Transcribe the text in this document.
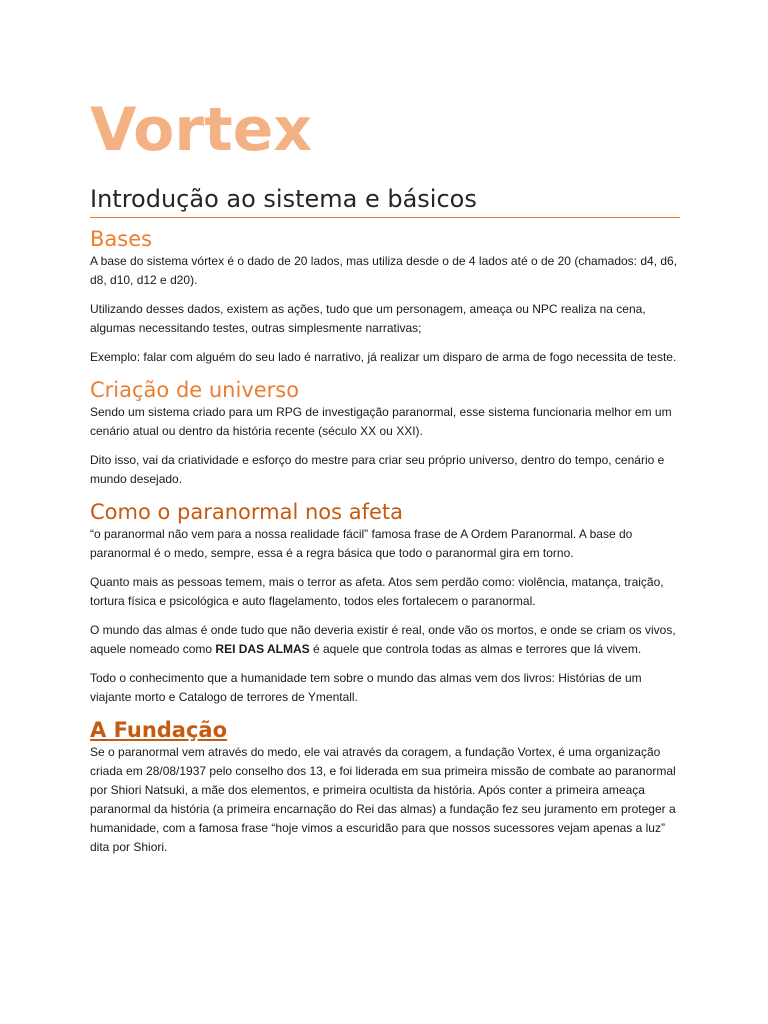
Vortex
Introdução ao sistema e básicos
Bases

A base do sistema vórtex é o dado de 20 lados, mas utiliza desde o de 4 lados até o de 20 (chamados: d4, d6, d8, d10, d12 e d20).

Utilizando desses dados, existem as ações, tudo que um personagem, ameaça ou NPC realiza na cena, algumas necessitando testes, outras simplesmente narrativas;

Exemplo: falar com alguém do seu lado é narrativo, já realizar um disparo de arma de fogo necessita de teste.

Criação de universo

Sendo um sistema criado para um RPG de investigação paranormal, esse sistema funcionaria melhor em um cenário atual ou dentro da história recente (século XX ou XXI).

Dito isso, vai da criatividade e esforço do mestre para criar seu próprio universo, dentro do tempo, cenário e mundo desejado.

Como o paranormal nos afeta

“o paranormal não vem para a nossa realidade fácil” famosa frase de A Ordem Paranormal. A base do paranormal é o medo, sempre, essa é a regra básica que todo o paranormal gira em torno.

Quanto mais as pessoas temem, mais o terror as afeta. Atos sem perdão como: violência, matança, traição, tortura física e psicológica e auto flagelamento, todos eles fortalecem o paranormal.

O mundo das almas é onde tudo que não deveria existir é real, onde vão os mortos, e onde se criam os vivos, aquele nomeado como REI DAS ALMAS é aquele que controla todas as almas e terrores que lá vivem.

Todo o conhecimento que a humanidade tem sobre o mundo das almas vem dos livros: Histórias de um viajante morto e Catalogo de terrores de Ymentall.

A Fundação

Se o paranormal vem através do medo, ele vai através da coragem, a fundação Vortex, é uma organização criada em 28/08/1937 pelo conselho dos 13, e foi liderada em sua primeira missão de combate ao paranormal por Shiori Natsuki, a mãe dos elementos, e primeira ocultista da história. Após conter a primeira ameaça paranormal da história (a primeira encarnação do Rei das almas) a fundação fez seu juramento em proteger a humanidade, com a famosa frase “hoje vimos a escuridão para que nossos sucessores vejam apenas a luz” dita por Shiori.
